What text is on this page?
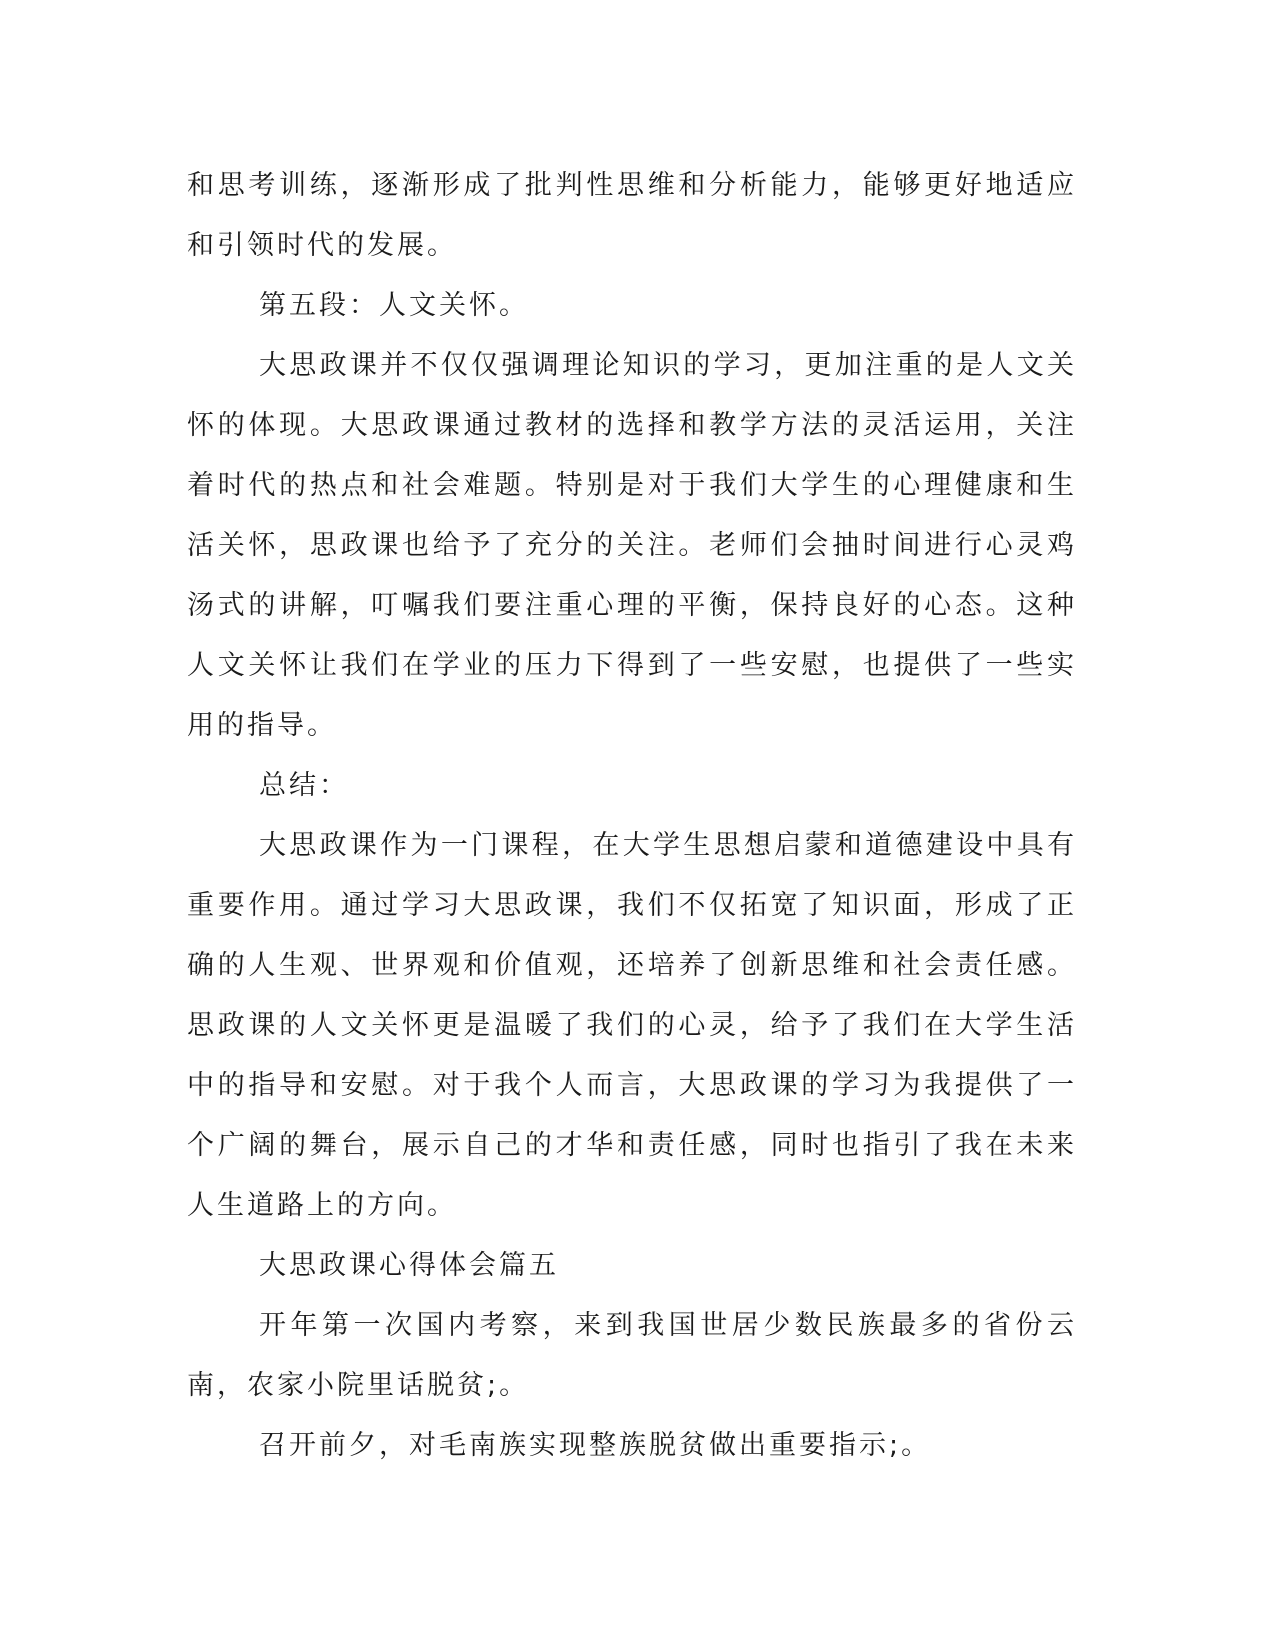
和思考训练，逐渐形成了批判性思维和分析能力，能够更好地适应和引领时代的发展。

第五段：人文关怀。

大思政课并不仅仅强调理论知识的学习，更加注重的是人文关怀的体现。大思政课通过教材的选择和教学方法的灵活运用，关注着时代的热点和社会难题。特别是对于我们大学生的心理健康和生活关怀，思政课也给予了充分的关注。老师们会抽时间进行心灵鸡汤式的讲解，叮嘱我们要注重心理的平衡，保持良好的心态。这种人文关怀让我们在学业的压力下得到了一些安慰，也提供了一些实用的指导。

总结：

大思政课作为一门课程，在大学生思想启蒙和道德建设中具有重要作用。通过学习大思政课，我们不仅拓宽了知识面，形成了正确的人生观、世界观和价值观，还培养了创新思维和社会责任感。思政课的人文关怀更是温暖了我们的心灵，给予了我们在大学生活中的指导和安慰。对于我个人而言，大思政课的学习为我提供了一个广阔的舞台，展示自己的才华和责任感，同时也指引了我在未来人生道路上的方向。

大思政课心得体会篇五

开年第一次国内考察，来到我国世居少数民族最多的省份云南，农家小院里话脱贫;。

召开前夕，对毛南族实现整族脱贫做出重要指示;。
